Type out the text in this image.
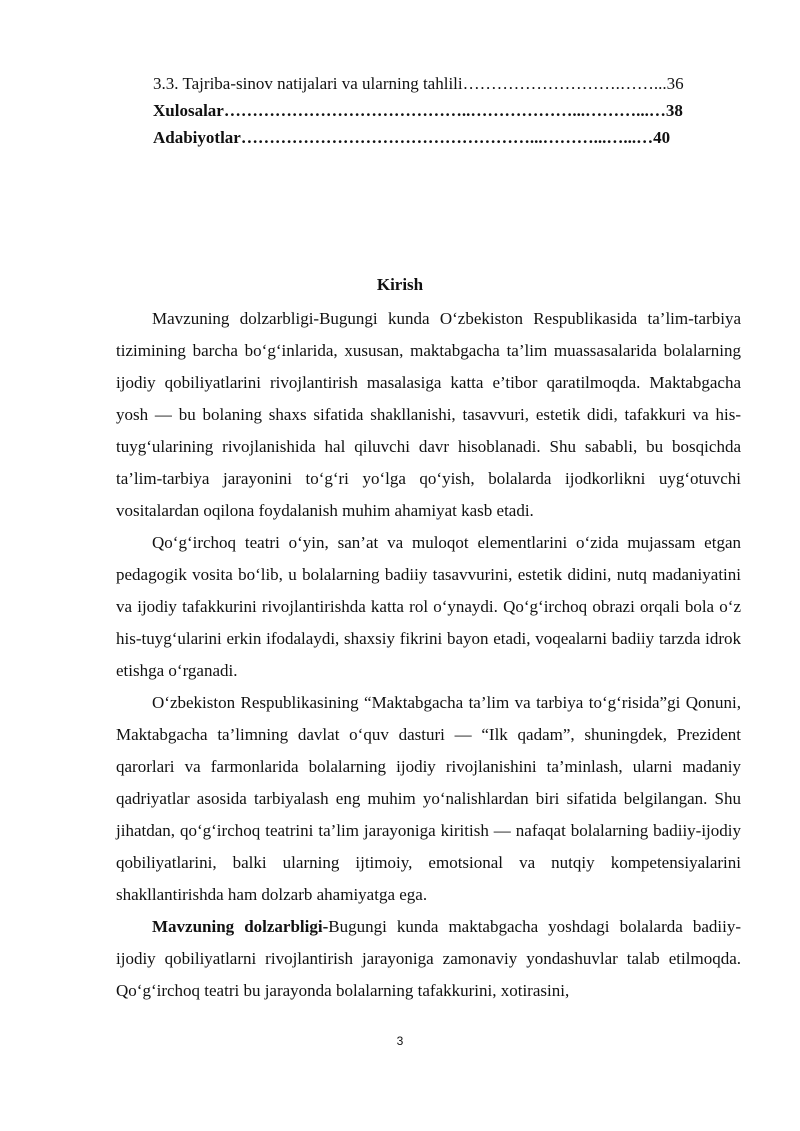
3.3. Tajriba-sinov natijalari va ularning tahlili……………………….……...36
Xulosalar……………………………………..………………...………...…38
Adabiyotlar……………………………………………...………...…...…40
Kirish

Mavzuning dolzarbligi-Bugungi kunda O‘zbekiston Respublikasida ta’lim-tarbiya tizimining barcha bo‘g‘inlarida, xususan, maktabgacha ta’lim muassasalarida bolalarning ijodiy qobiliyatlarini rivojlantirish masalasiga katta e’tibor qaratilmoqda. Maktabgacha yosh — bu bolaning shaxs sifatida shakllanishi, tasavvuri, estetik didi, tafakkuri va his-tuyg‘ularining rivojlanishida hal qiluvchi davr hisoblanadi. Shu sababli, bu bosqichda ta’lim-tarbiya jarayonini to‘g‘ri yo‘lga qo‘yish, bolalarda ijodkorlikni uyg‘otuvchi vositalardan oqilona foydalanish muhim ahamiyat kasb etadi.

Qo‘g‘irchoq teatri o‘yin, san’at va muloqot elementlarini o‘zida mujassam etgan pedagogik vosita bo‘lib, u bolalarning badiiy tasavvurini, estetik didini, nutq madaniyatini va ijodiy tafakkurini rivojlantirishda katta rol o‘ynaydi. Qo‘g‘irchoq obrazi orqali bola o‘z his-tuyg‘ularini erkin ifodalaydi, shaxsiy fikrini bayon etadi, voqealarni badiiy tarzda idrok etishga o‘rganadi.

O‘zbekiston Respublikasining “Maktabgacha ta’lim va tarbiya to‘g‘risida”gi Qonuni, Maktabgacha ta’limning davlat o‘quv dasturi — “Ilk qadam”, shuningdek, Prezident qarorlari va farmonlarida bolalarning ijodiy rivojlanishini ta’minlash, ularni madaniy qadriyatlar asosida tarbiyalash eng muhim yo‘nalishlardan biri sifatida belgilangan. Shu jihatdan, qo‘g‘irchoq teatrini ta’lim jarayoniga kiritish — nafaqat bolalarning badiiy-ijodiy qobiliyatlarini, balki ularning ijtimoiy, emotsional va nutqiy kompetensiyalarini shakllantirishda ham dolzarb ahamiyatga ega.

Mavzuning dolzarbligi-Bugungi kunda maktabgacha yoshdagi bolalarda badiiy-ijodiy qobiliyatlarni rivojlantirish jarayoniga zamonaviy yondashuvlar talab etilmoqda. Qo‘g‘irchoq teatri bu jarayonda bolalarning tafakkurini, xotirasini,

3
